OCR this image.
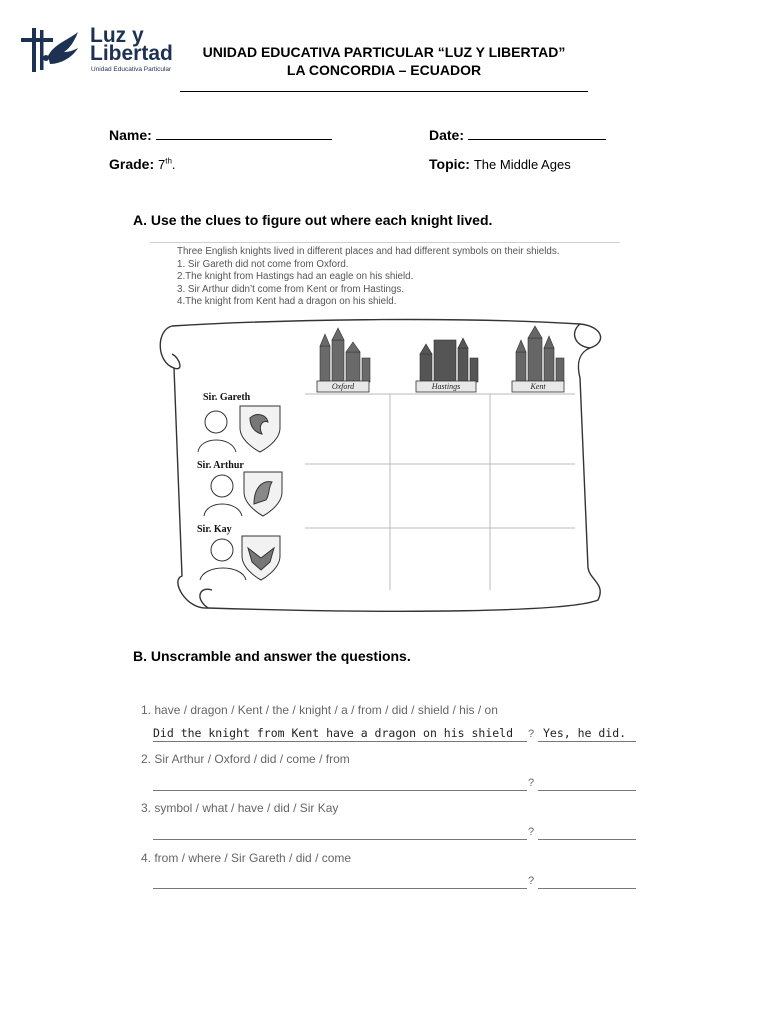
Luz y
Libertad
Unidad Educativa Particular
UNIDAD EDUCATIVA PARTICULAR “LUZ Y LIBERTAD”
LA CONCORDIA – ECUADOR
Name:	Date:
Grade: 7th.	Topic: The Middle Ages
A. Use the clues to figure out where each knight lived.
Three English knights lived in different places and had different symbols on their shields.
1. Sir Gareth did not come from Oxford.
2.The knight from Hastings had an eagle on his shield.
3. Sir Arthur didn’t come from Kent or from Hastings.
4.The knight from Kent had a dragon on his shield.
Oxford	Hastings	Kent
Sir. Gareth
Sir. Arthur
Sir. Kay
B. Unscramble and answer the questions.
1. have / dragon / Kent / the / knight / a / from / did / shield / his / on
Did the knight from Kent have a dragon on his shield ? Yes, he did.
2. Sir Arthur / Oxford / did / come / from
?
3. symbol / what / have / did / Sir Kay
?
4. from / where / Sir Gareth / did / come
?
